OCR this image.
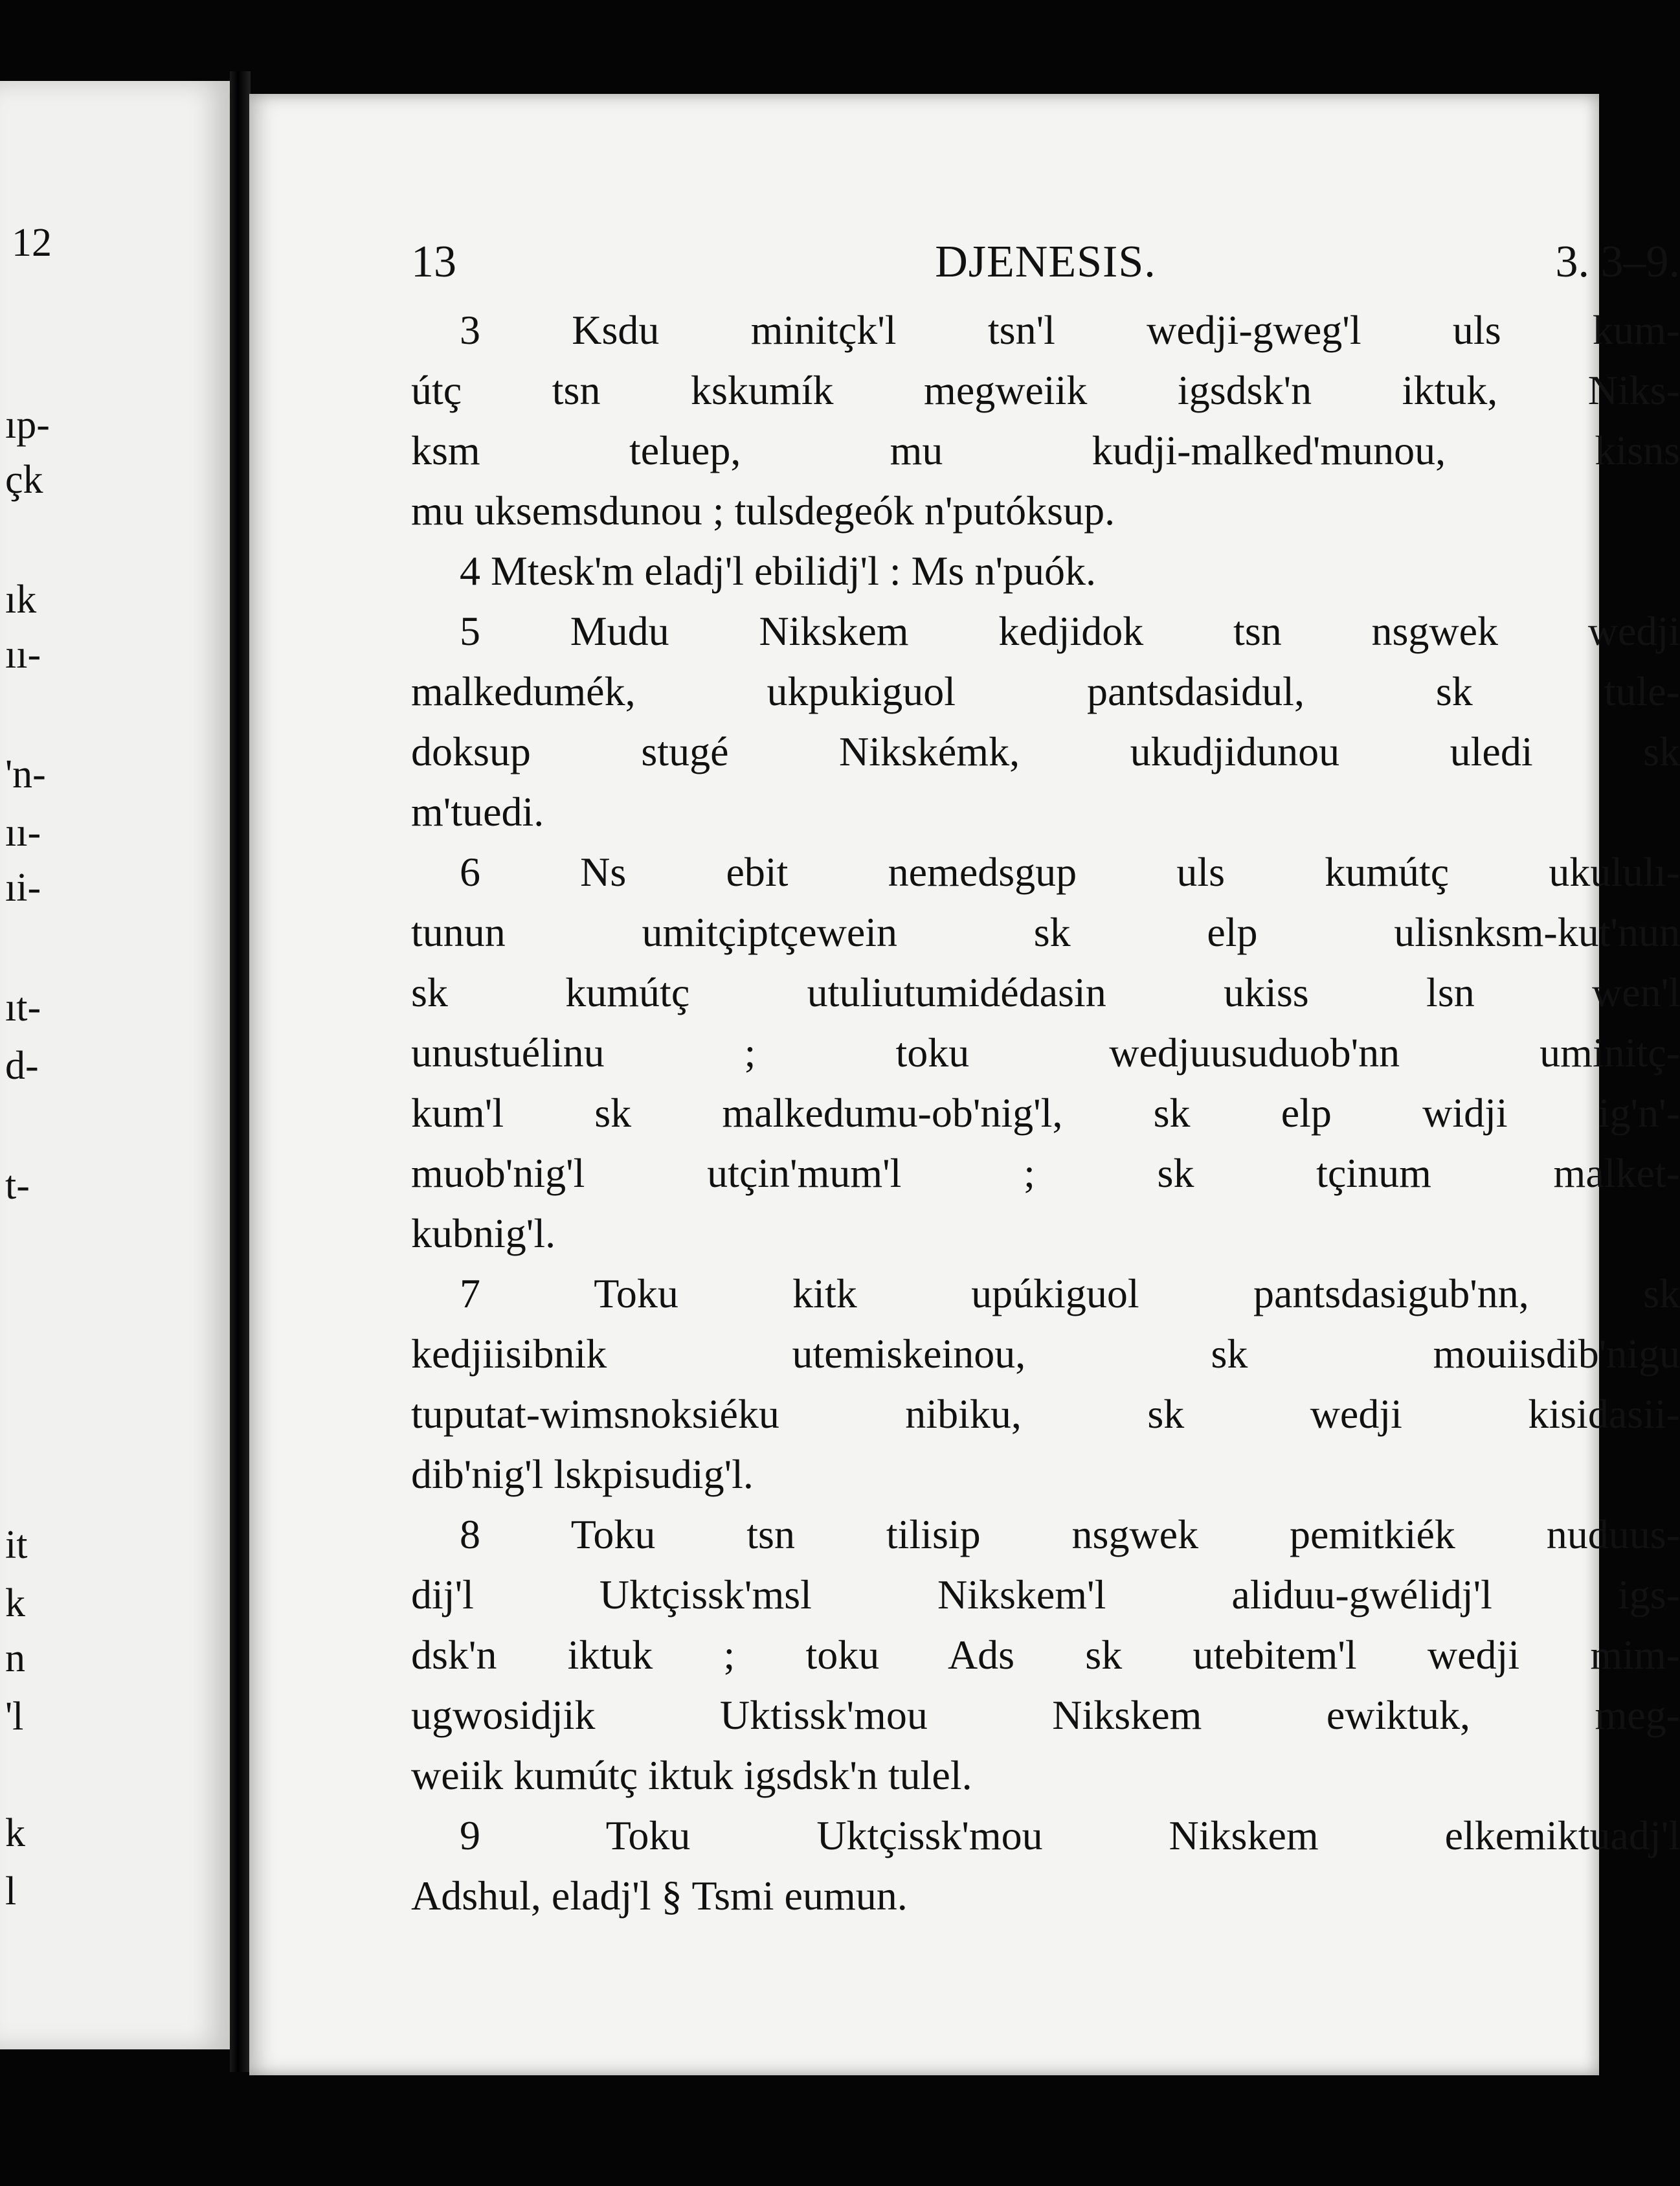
12
ıp-
çk
ık
ıı-
'n-
ıı-
ıi-
ıt-
d-
t-
it
k
n
'l
k
l
13	DJENESIS.	3. 3–9.
3 Ksdu minitçk'l tsn'l wedji-gweg'l uls kum-
útç tsn kskumík megweiik igsdsk'n iktuk, Niks-
ksm teluep, mu kudji-malked'munou, kisns
mu uksemsdunou ; tulsdegeók n'putóksup.
4 Mtesk'm eladj'l ebilidj'l : Ms n'puók.
5 Mudu Nikskem kedjidok tsn nsgwek wedji
malkedumék, ukpukiguol pantsdasidul, sk tule-
doksup stugé Nikskémk, ukudjidunou uledi sk
m'tuedi.
6 Ns ebit nemedsgup uls kumútç ukululı-
tunun umitçiptçewein sk elp ulisnksm-kut'nun
sk kumútç utuliutumidédasin ukiss lsn wen'l
unustuélinu ; toku wedjuusuduob'nn uminitç-
kum'l sk malkedumu-ob'nig'l, sk elp widji ig'n'-
muob'nig'l utçin'mum'l ; sk tçinum malket-
kubnig'l.
7 Toku kitk upúkiguol pantsdasigub'nn, sk
kedjiisibnik utemiskeinou, sk mouiisdib'nigu
tuputat-wimsnoksiéku nibiku, sk wedji kisidasii-
dib'nig'l lskpisudig'l.
8 Toku tsn tilisip nsgwek pemitkiék nuduus-
dij'l Uktçissk'msl Nikskem'l aliduu-gwélidj'l igs-
dsk'n iktuk ; toku Ads sk utebitem'l wedji mim-
ugwosidjik Uktissk'mou Nikskem ewiktuk, meg-
weiik kumútç iktuk igsdsk'n tulel.
9 Toku Uktçissk'mou Nikskem elkemiktuadj'l
Adshul, eladj'l § Tsmi eumun.
